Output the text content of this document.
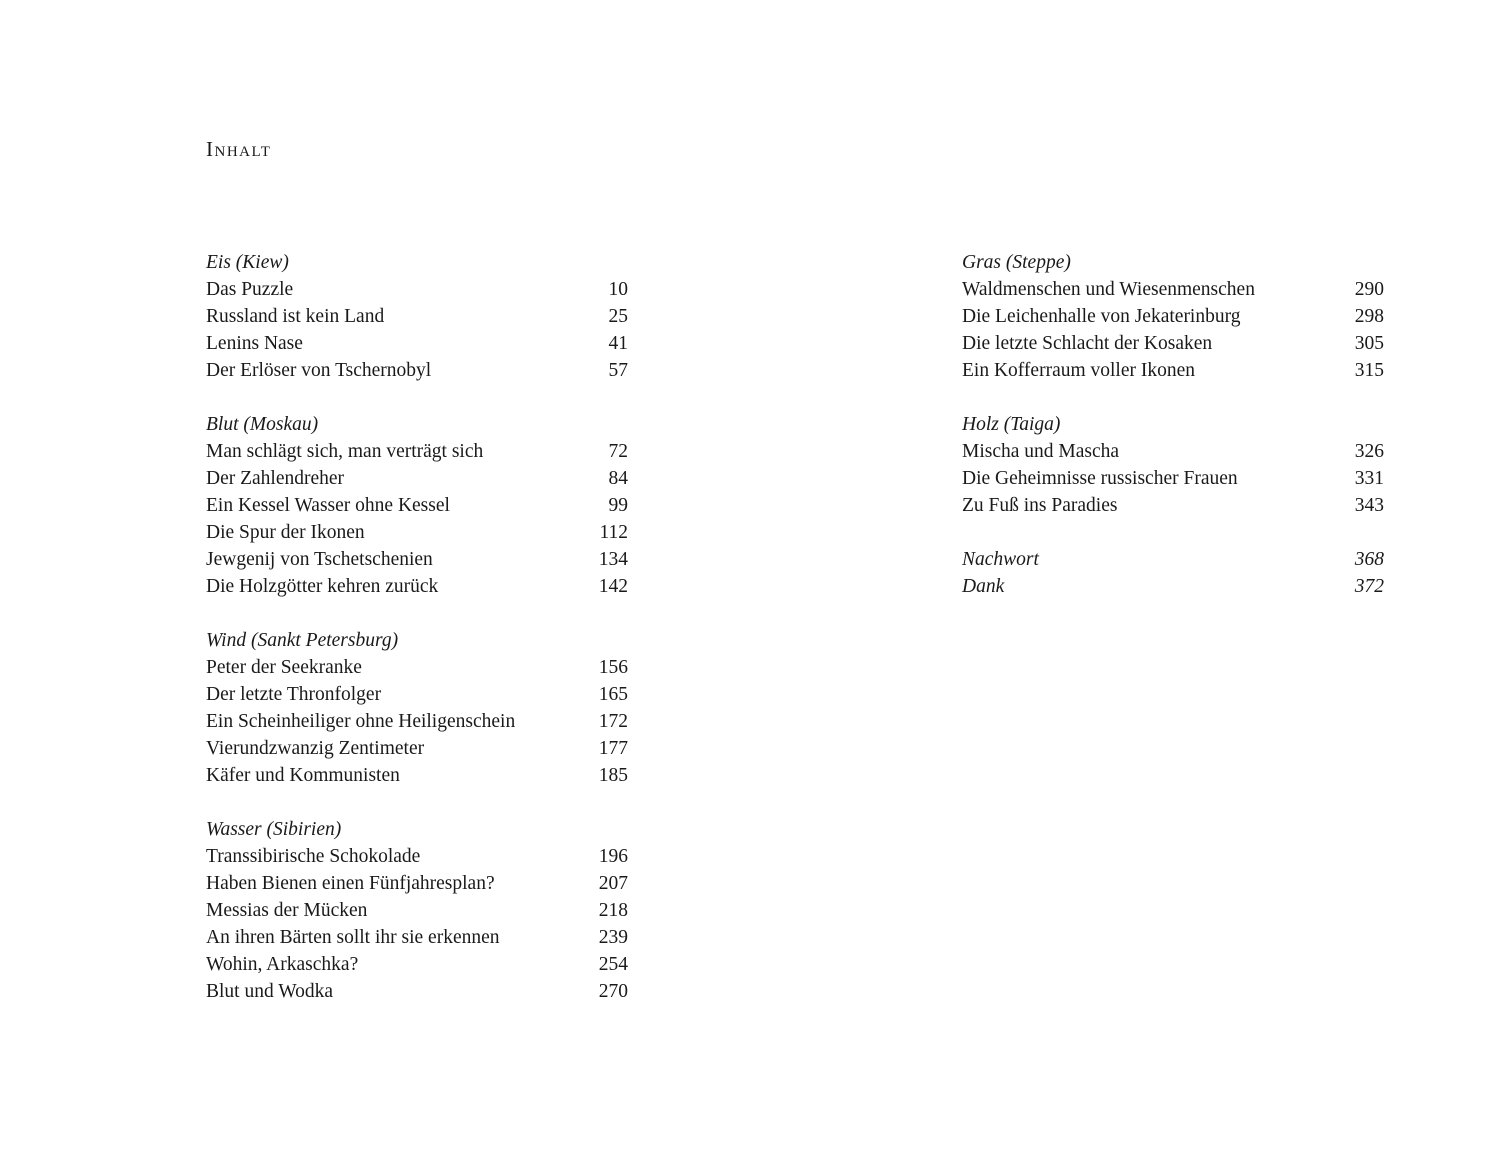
Inhalt
Eis (Kiew)
Das Puzzle	10
Russland ist kein Land	25
Lenins Nase	41
Der Erlöser von Tschernobyl	57
Blut (Moskau)
Man schlägt sich, man verträgt sich	72
Der Zahlendreher	84
Ein Kessel Wasser ohne Kessel	99
Die Spur der Ikonen	112
Jewgenij von Tschetschenien	134
Die Holzgötter kehren zurück	142
Wind (Sankt Petersburg)
Peter der Seekranke	156
Der letzte Thronfolger	165
Ein Scheinheiliger ohne Heiligenschein	172
Vierundzwanzig Zentimeter	177
Käfer und Kommunisten	185
Wasser (Sibirien)
Transsibirische Schokolade	196
Haben Bienen einen Fünfjahresplan?	207
Messias der Mücken	218
An ihren Bärten sollt ihr sie erkennen	239
Wohin, Arkaschka?	254
Blut und Wodka	270
Gras (Steppe)
Waldmenschen und Wiesenmenschen	290
Die Leichenhalle von Jekaterinburg	298
Die letzte Schlacht der Kosaken	305
Ein Kofferraum voller Ikonen	315
Holz (Taiga)
Mischa und Mascha	326
Die Geheimnisse russischer Frauen	331
Zu Fuß ins Paradies	343
Nachwort	368
Dank	372
